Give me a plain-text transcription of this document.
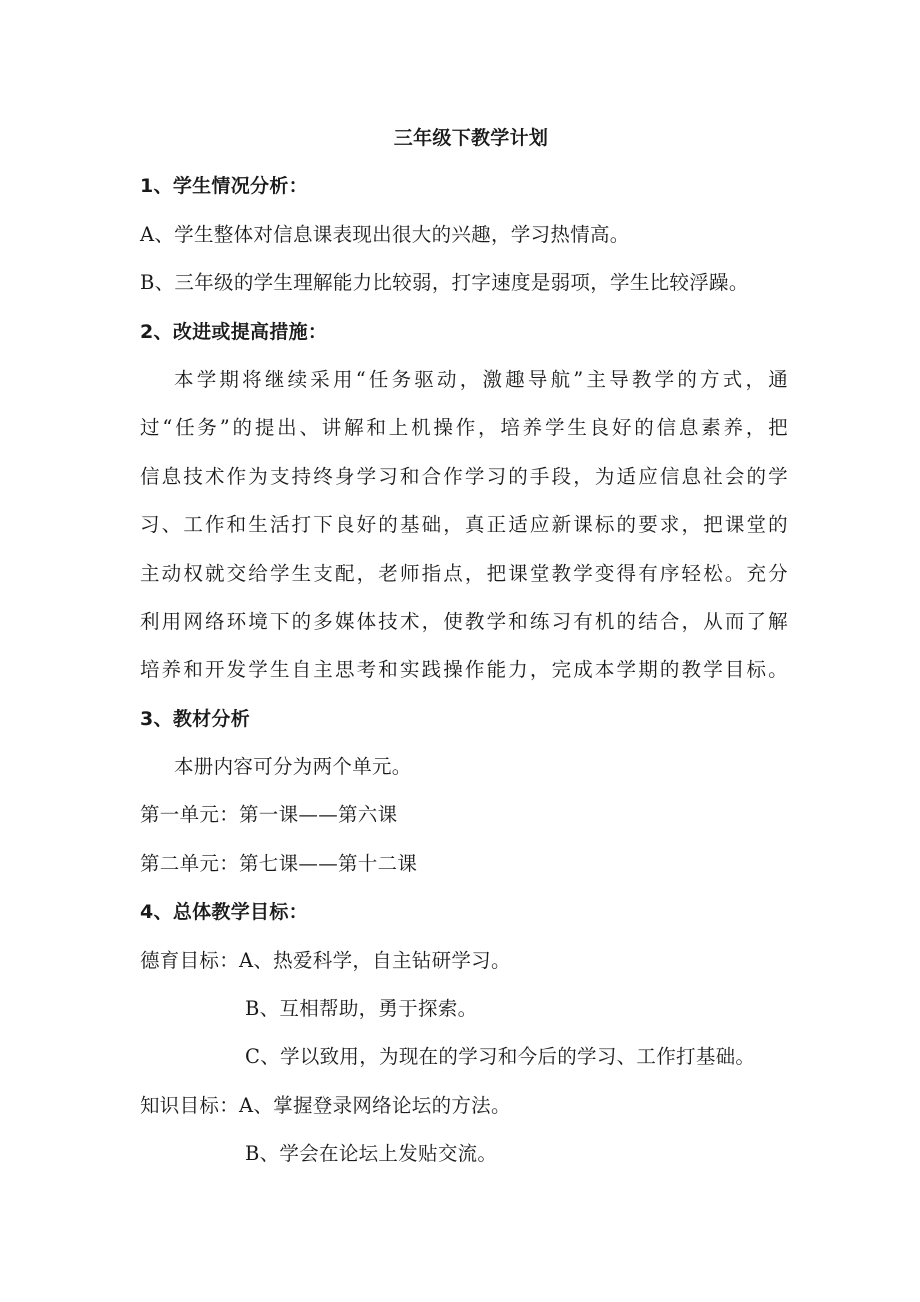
三年级下教学计划
1、学生情况分析：
A、学生整体对信息课表现出很大的兴趣，学习热情高。
B、三年级的学生理解能力比较弱，打字速度是弱项，学生比较浮躁。
2、改进或提高措施：
本学期将继续采用“任务驱动，激趣导航”主导教学的方式，通
过“任务”的提出、讲解和上机操作，培养学生良好的信息素养，把
信息技术作为支持终身学习和合作学习的手段，为适应信息社会的学
习、工作和生活打下良好的基础，真正适应新课标的要求，把课堂的
主动权就交给学生支配，老师指点，把课堂教学变得有序轻松。充分
利用网络环境下的多媒体技术，使教学和练习有机的结合，从而了解
培养和开发学生自主思考和实践操作能力，完成本学期的教学目标。
3、教材分析
本册内容可分为两个单元。
第一单元：第一课——第六课
第二单元：第七课——第十二课
4、总体教学目标：
德育目标：A、热爱科学，自主钻研学习。
B、互相帮助，勇于探索。
C、学以致用，为现在的学习和今后的学习、工作打基础。
知识目标：A、掌握登录网络论坛的方法。
B、学会在论坛上发贴交流。
